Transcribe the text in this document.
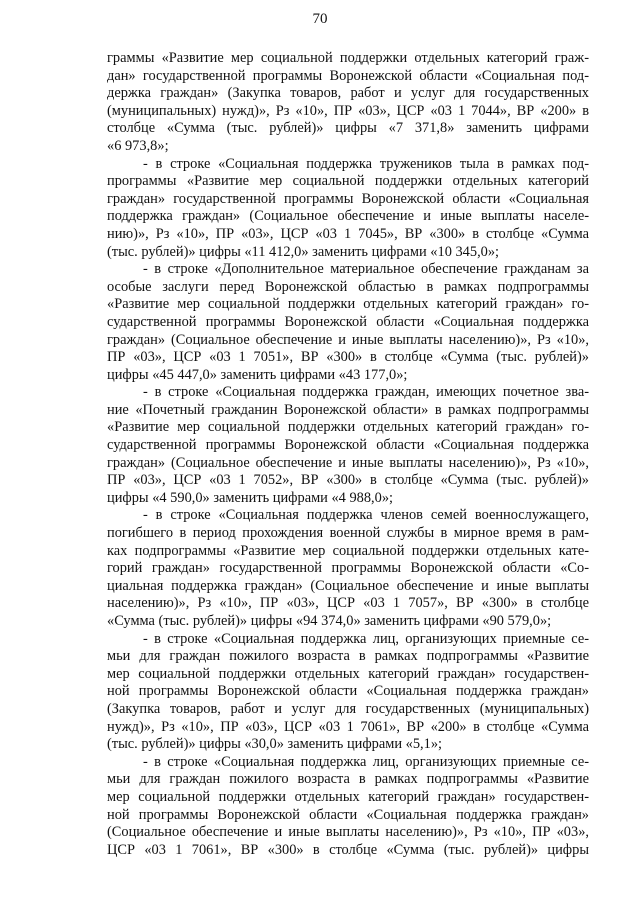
70
граммы «Развитие мер социальной поддержки отдельных категорий граж-
дан» государственной программы Воронежской области «Социальная под-
держка граждан» (Закупка товаров, работ и услуг для государственных
(муниципальных) нужд)», Рз «10», ПР «03», ЦСР «03 1 7044», ВР «200» в
столбце «Сумма (тыс. рублей)» цифры «7 371,8» заменить цифрами
«6 973,8»;
- в строке «Социальная поддержка тружеников тыла в рамках под-
программы «Развитие мер социальной поддержки отдельных категорий
граждан» государственной программы Воронежской области «Социальная
поддержка граждан» (Социальное обеспечение и иные выплаты населе-
нию)», Рз «10», ПР «03», ЦСР «03 1 7045», ВР «300» в столбце «Сумма
(тыс. рублей)» цифры «11 412,0» заменить цифрами «10 345,0»;
- в строке «Дополнительное материальное обеспечение гражданам за
особые заслуги перед Воронежской областью в рамках подпрограммы
«Развитие мер социальной поддержки отдельных категорий граждан» го-
сударственной программы Воронежской области «Социальная поддержка
граждан» (Социальное обеспечение и иные выплаты населению)», Рз «10»,
ПР «03», ЦСР «03 1 7051», ВР «300» в столбце «Сумма (тыс. рублей)»
цифры «45 447,0» заменить цифрами «43 177,0»;
- в строке «Социальная поддержка граждан, имеющих почетное зва-
ние «Почетный гражданин Воронежской области» в рамках подпрограммы
«Развитие мер социальной поддержки отдельных категорий граждан» го-
сударственной программы Воронежской области «Социальная поддержка
граждан» (Социальное обеспечение и иные выплаты населению)», Рз «10»,
ПР «03», ЦСР «03 1 7052», ВР «300» в столбце «Сумма (тыс. рублей)»
цифры «4 590,0» заменить цифрами «4 988,0»;
- в строке «Социальная поддержка членов семей военнослужащего,
погибшего в период прохождения военной службы в мирное время в рам-
ках подпрограммы «Развитие мер социальной поддержки отдельных кате-
горий граждан» государственной программы Воронежской области «Со-
циальная поддержка граждан» (Социальное обеспечение и иные выплаты
населению)», Рз «10», ПР «03», ЦСР «03 1 7057», ВР «300» в столбце
«Сумма (тыс. рублей)» цифры «94 374,0» заменить цифрами «90 579,0»;
- в строке «Социальная поддержка лиц, организующих приемные се-
мьи для граждан пожилого возраста в рамках подпрограммы «Развитие
мер социальной поддержки отдельных категорий граждан» государствен-
ной программы Воронежской области «Социальная поддержка граждан»
(Закупка товаров, работ и услуг для государственных (муниципальных)
нужд)», Рз «10», ПР «03», ЦСР «03 1 7061», ВР «200» в столбце «Сумма
(тыс. рублей)» цифры «30,0» заменить цифрами «5,1»;
- в строке «Социальная поддержка лиц, организующих приемные се-
мьи для граждан пожилого возраста в рамках подпрограммы «Развитие
мер социальной поддержки отдельных категорий граждан» государствен-
ной программы Воронежской области «Социальная поддержка граждан»
(Социальное обеспечение и иные выплаты населению)», Рз «10», ПР «03»,
ЦСР «03 1 7061», ВР «300» в столбце «Сумма (тыс. рублей)» цифры
